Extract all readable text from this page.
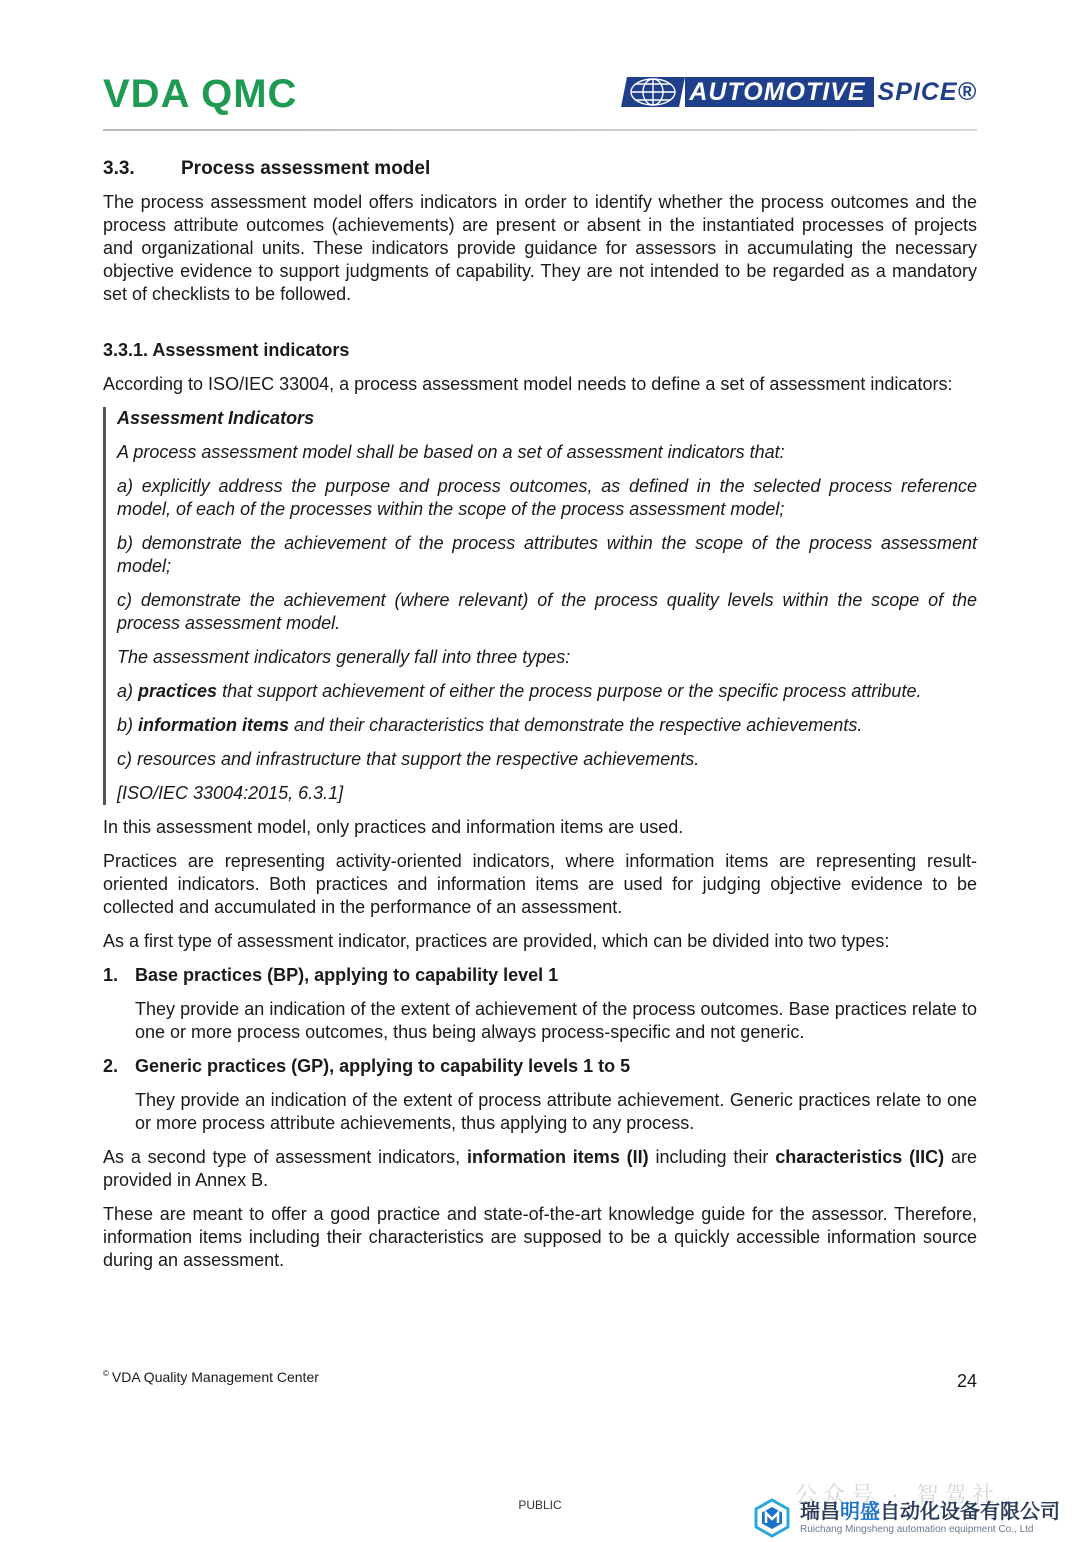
VDA QMC	AUTOMOTIVE SPICE®
3.3.	Process assessment model

The process assessment model offers indicators in order to identify whether the process outcomes and the process attribute outcomes (achievements) are present or absent in the instantiated processes of projects and organizational units. These indicators provide guidance for assessors in accumulating the necessary objective evidence to support judgments of capability. They are not intended to be regarded as a mandatory set of checklists to be followed.

3.3.1. Assessment indicators

According to ISO/IEC 33004, a process assessment model needs to define a set of assessment indicators:

Assessment Indicators

A process assessment model shall be based on a set of assessment indicators that:

a) explicitly address the purpose and process outcomes, as defined in the selected process reference model, of each of the processes within the scope of the process assessment model;

b) demonstrate the achievement of the process attributes within the scope of the process assessment model;

c) demonstrate the achievement (where relevant) of the process quality levels within the scope of the process assessment model.

The assessment indicators generally fall into three types:

a) practices that support achievement of either the process purpose or the specific process attribute.

b) information items and their characteristics that demonstrate the respective achievements.

c) resources and infrastructure that support the respective achievements.

[ISO/IEC 33004:2015, 6.3.1]

In this assessment model, only practices and information items are used.

Practices are representing activity-oriented indicators, where information items are representing result-oriented indicators. Both practices and information items are used for judging objective evidence to be collected and accumulated in the performance of an assessment.

As a first type of assessment indicator, practices are provided, which can be divided into two types:

1. Base practices (BP), applying to capability level 1

They provide an indication of the extent of achievement of the process outcomes. Base practices relate to one or more process outcomes, thus being always process-specific and not generic.

2. Generic practices (GP), applying to capability levels 1 to 5

They provide an indication of the extent of process attribute achievement. Generic practices relate to one or more process attribute achievements, thus applying to any process.

As a second type of assessment indicators, information items (II) including their characteristics (IIC) are provided in Annex B.

These are meant to offer a good practice and state-of-the-art knowledge guide for the assessor. Therefore, information items including their characteristics are supposed to be a quickly accessible information source during an assessment.

© VDA Quality Management Center	24
PUBLIC	公众号 · 智驾社
瑞昌明盛自动化设备有限公司
Ruichang Mingsheng automation equipment Co., Ltd
